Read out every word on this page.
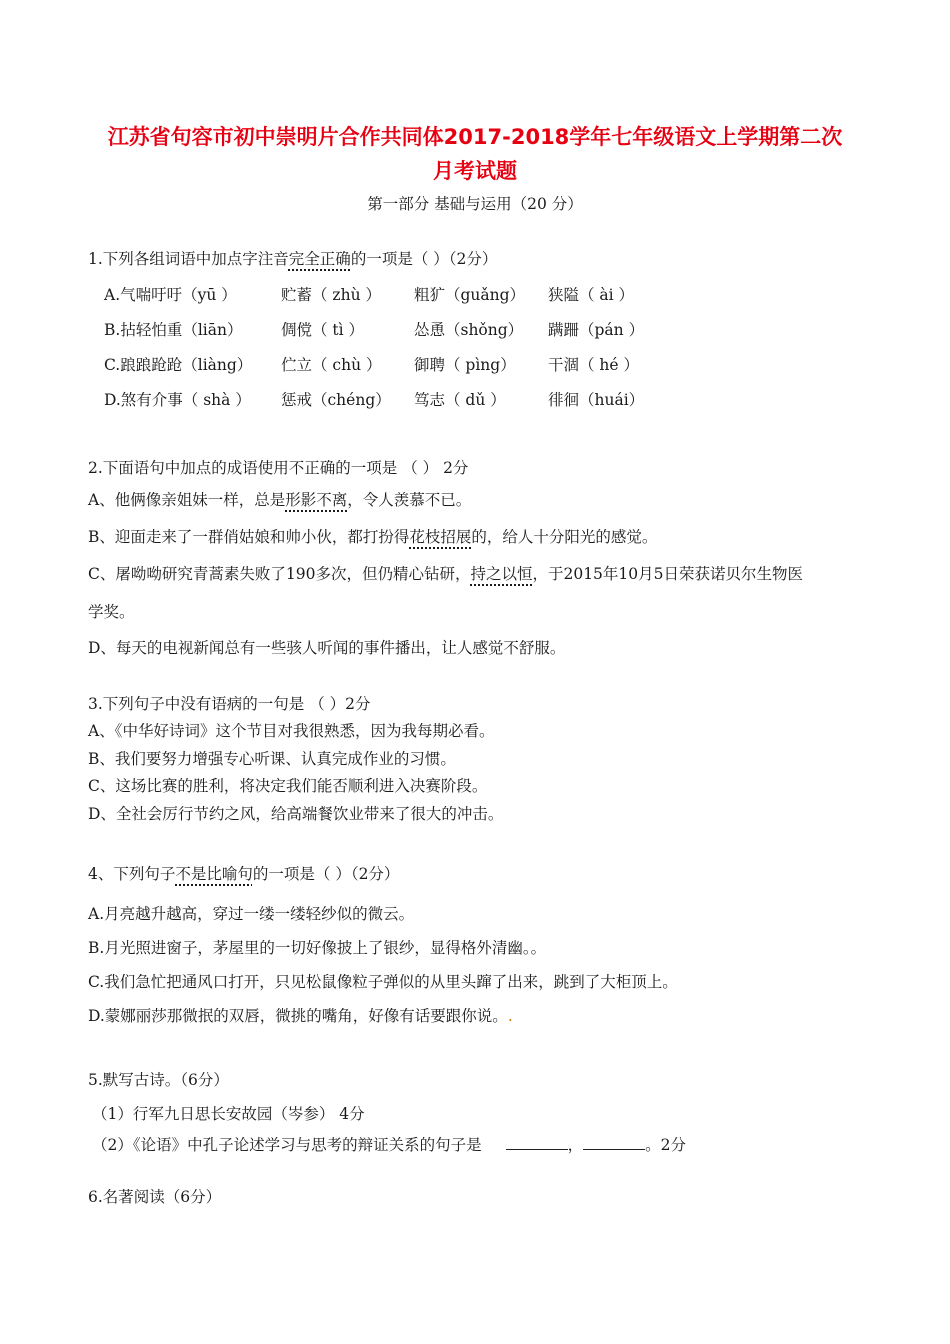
江苏省句容市初中崇明片合作共同体2017-2018学年七年级语文上学期第二次
月考试题
第一部分 基础与运用（20 分）
1.下列各组词语中加点字注音完全正确的一项是（ ）（2分）
A.气喘吁吁（yū ）	贮蓄（ zhù ） 粗犷（guǎng） 狭隘（ ài ）
B.拈轻怕重（liān） 倜傥（ tì ）	怂恿（shǒng） 蹒跚（pán ）
C.踉踉跄跄（liàng） 伫立（ chù ） 御聘（ pìng） 干涸（ hé ）
D.煞有介事（ shà ） 惩戒（chéng） 笃志（ dǔ ）	徘徊（huái）
2.下面语句中加点的成语使用不正确的一项是 （ ） 2分
A、他俩像亲姐妹一样，总是形影不离，令人羡慕不已。
B、迎面走来了一群俏姑娘和帅小伙，都打扮得花枝招展的，给人十分阳光的感觉。
C、屠呦呦研究青蒿素失败了190多次，但仍精心钻研，持之以恒，于2015年10月5日荣获诺贝尔生物医
学奖。
D、每天的电视新闻总有一些骇人听闻的事件播出，让人感觉不舒服。
3.下列句子中没有语病的一句是 （ ）2分
A、《中华好诗词》这个节目对我很熟悉，因为我每期必看。
B、我们要努力增强专心听课、认真完成作业的习惯。
C、这场比赛的胜利，将决定我们能否顺利进入决赛阶段。
D、全社会厉行节约之风，给高端餐饮业带来了很大的冲击。
4、下列句子不是比喻句的一项是（ ）（2分）
A.月亮越升越高，穿过一缕一缕轻纱似的微云。
B.月光照进窗子，茅屋里的一切好像披上了银纱，显得格外清幽。。
C.我们急忙把通风口打开，只见松鼠像粒子弹似的从里头蹿了出来，跳到了大柜顶上。
D.蒙娜丽莎那微抿的双唇，微挑的嘴角，好像有话要跟你说。.
5.默写古诗。（6分）
（1）行军九日思长安故园（岑参） 4分
（2）《论语》中孔子论述学习与思考的辩证关系的句子是	，	。2分
6.名著阅读（6分）
